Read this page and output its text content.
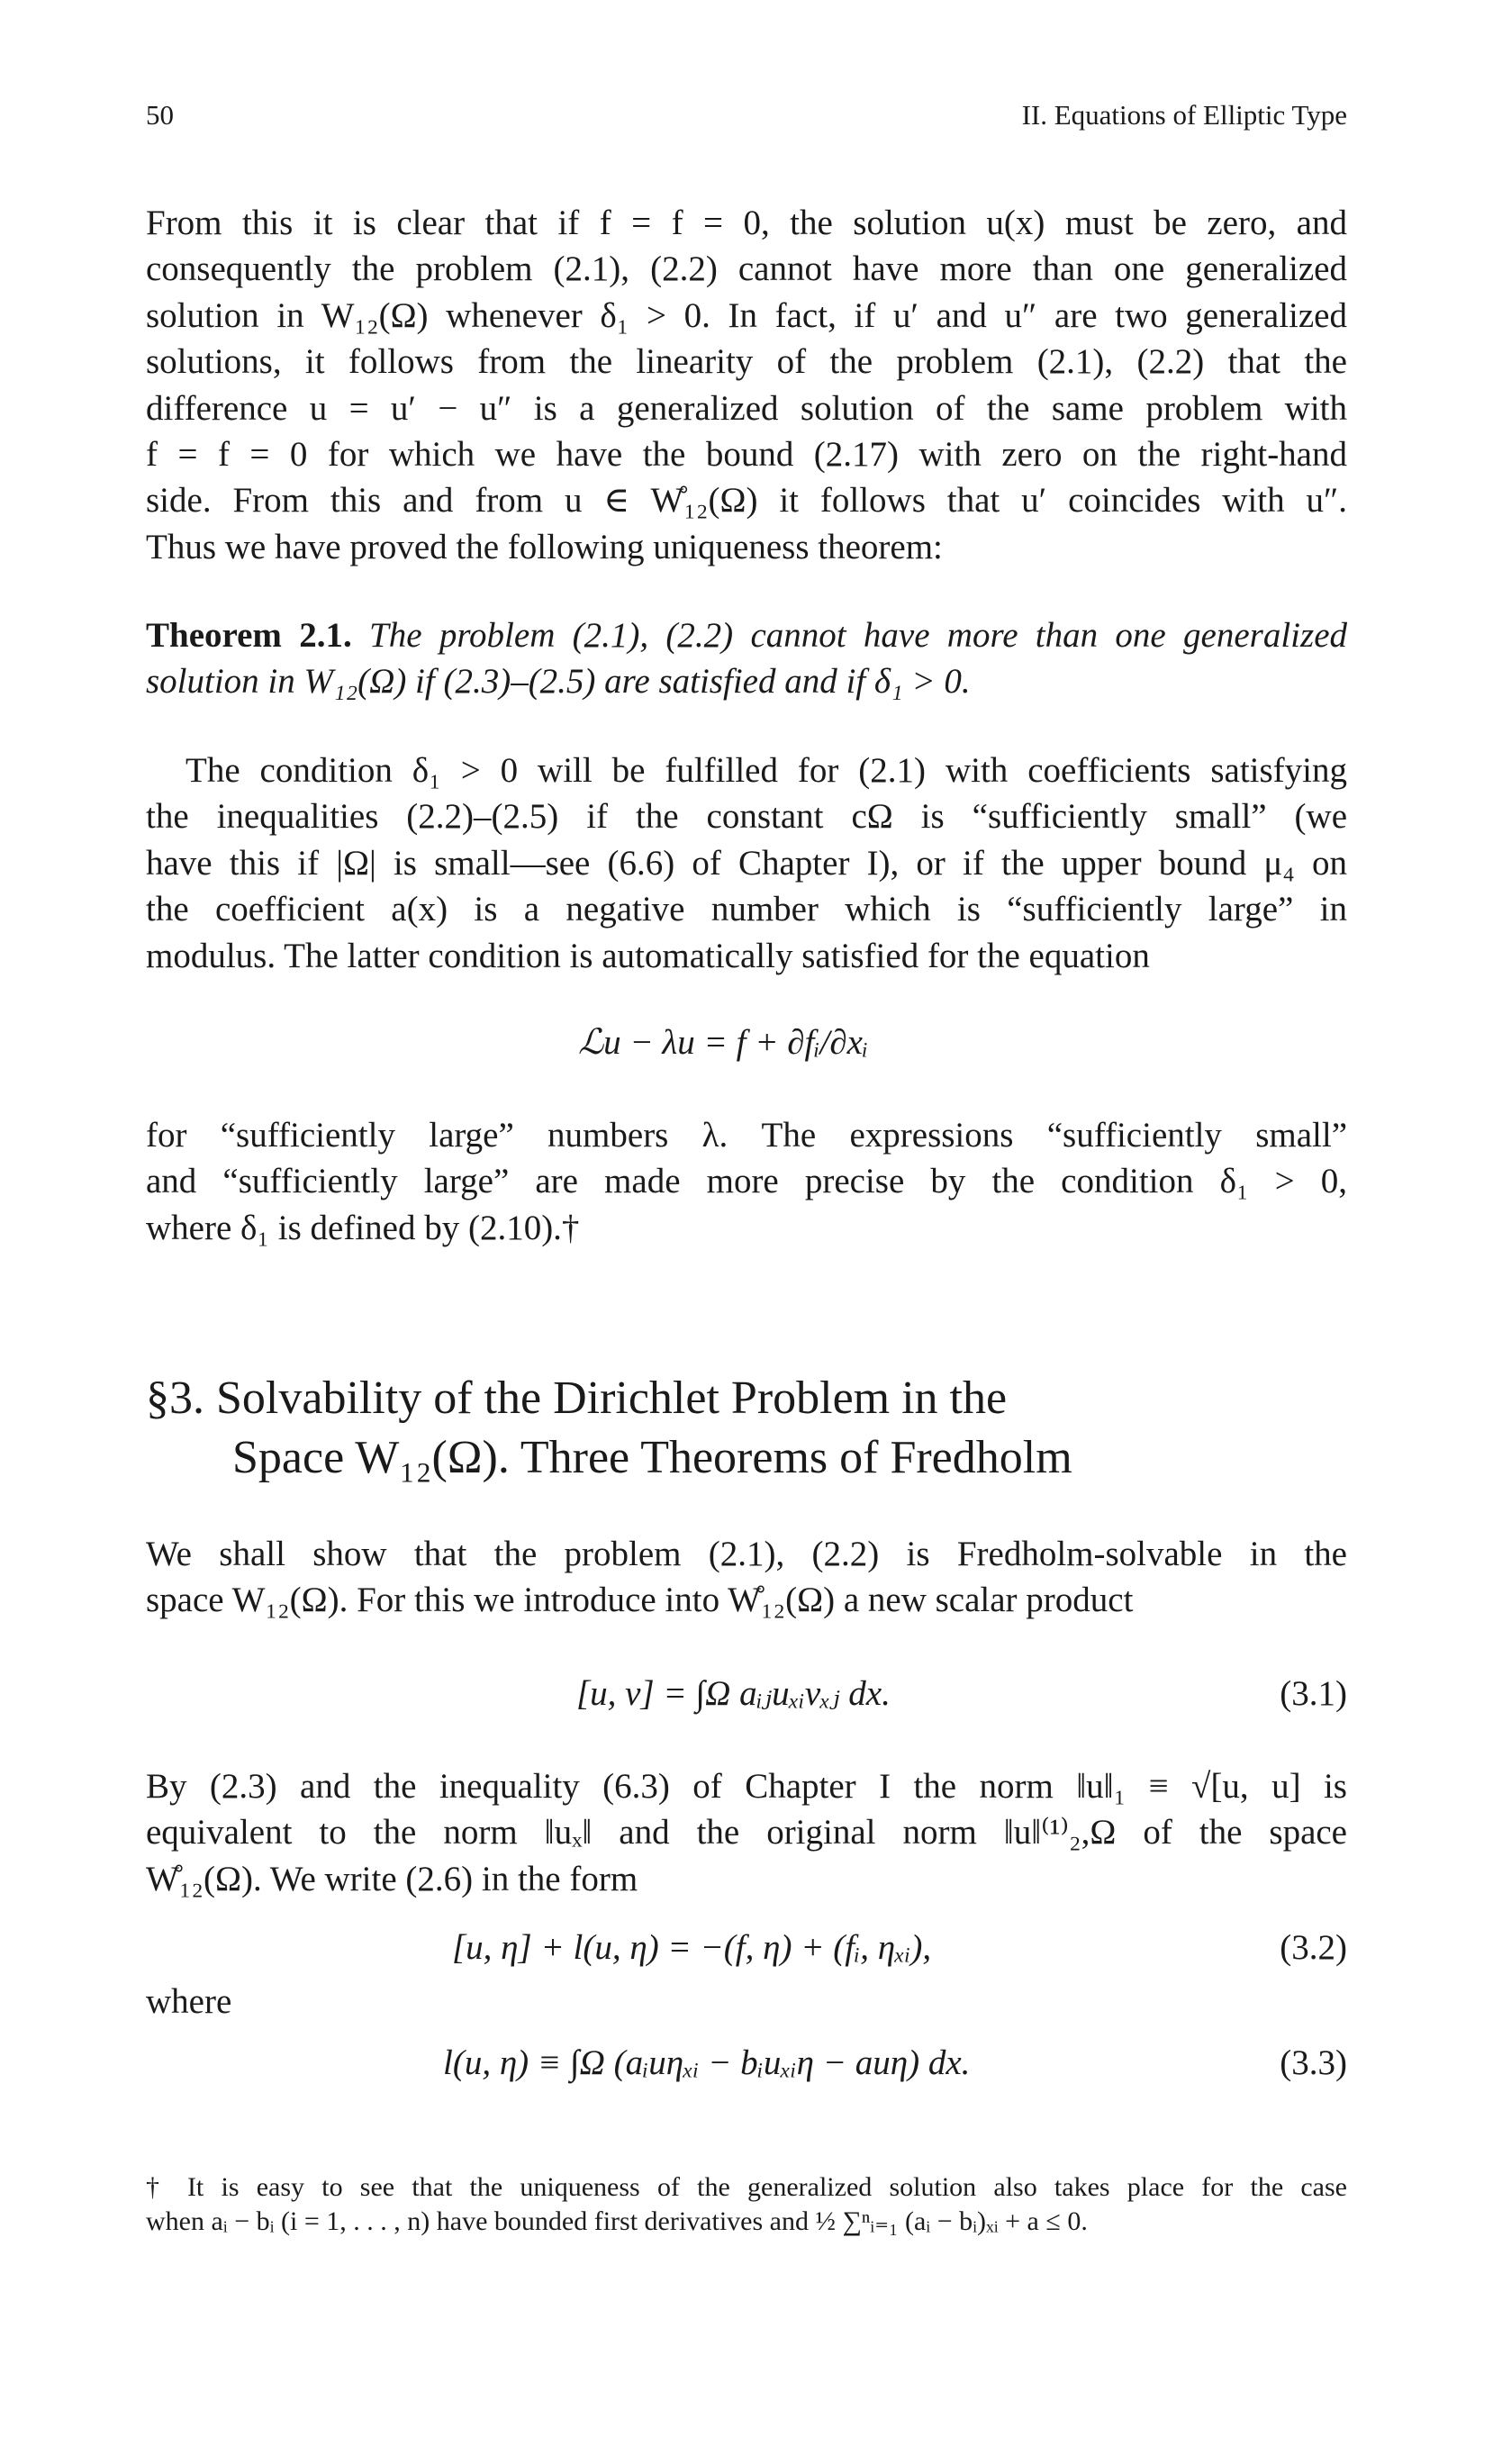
50	II. Equations of Elliptic Type

From this it is clear that if f = f = 0, the solution u(x) must be zero, and
consequently the problem (2.1), (2.2) cannot have more than one generalized
solution in W₁₂(Ω) whenever δ₁ > 0. In fact, if u′ and u″ are two generalized
solutions, it follows from the linearity of the problem (2.1), (2.2) that the
difference u = u′ − u″ is a generalized solution of the same problem with
f = f = 0 for which we have the bound (2.17) with zero on the right-hand
side. From this and from u ∈ W̊₁₂(Ω) it follows that u′ coincides with u″.
Thus we have proved the following uniqueness theorem:

Theorem 2.1. The problem (2.1), (2.2) cannot have more than one generalized
solution in W₁₂(Ω) if (2.3)–(2.5) are satisfied and if δ₁ > 0.

The condition δ₁ > 0 will be fulfilled for (2.1) with coefficients satisfying
the inequalities (2.2)–(2.5) if the constant cΩ is “sufficiently small” (we
have this if |Ω| is small—see (6.6) of Chapter I), or if the upper bound μ₄ on
the coefficient a(x) is a negative number which is “sufficiently large” in
modulus. The latter condition is automatically satisfied for the equation

ℒu − λu = f + ∂fᵢ/∂xᵢ

for “sufficiently large” numbers λ. The expressions “sufficiently small”
and “sufficiently large” are made more precise by the condition δ₁ > 0,
where δ₁ is defined by (2.10).†

§3. Solvability of the Dirichlet Problem in the
Space W₁₂(Ω). Three Theorems of Fredholm

We shall show that the problem (2.1), (2.2) is Fredholm-solvable in the
space W₁₂(Ω). For this we introduce into W̊₁₂(Ω) a new scalar product

[u, v] = ∫Ω aᵢⱼuₓᵢvₓⱼ dx.	(3.1)

By (2.3) and the inequality (6.3) of Chapter I the norm ‖u‖₁ ≡ √[u, u] is
equivalent to the norm ‖uₓ‖ and the original norm ‖u‖⁽¹⁾₂,Ω of the space
W̊₁₂(Ω). We write (2.6) in the form

[u, η] + l(u, η) = −(f, η) + (fᵢ, ηₓᵢ),	(3.2)
where
l(u, η) ≡ ∫Ω (aᵢuηₓᵢ − bᵢuₓᵢη − auη) dx.	(3.3)
† It is easy to see that the uniqueness of the generalized solution also takes place for the case
when aᵢ − bᵢ (i = 1, . . . , n) have bounded first derivatives and ½ ∑ⁿᵢ₌₁ (aᵢ − bᵢ)ₓᵢ + a ≤ 0.
